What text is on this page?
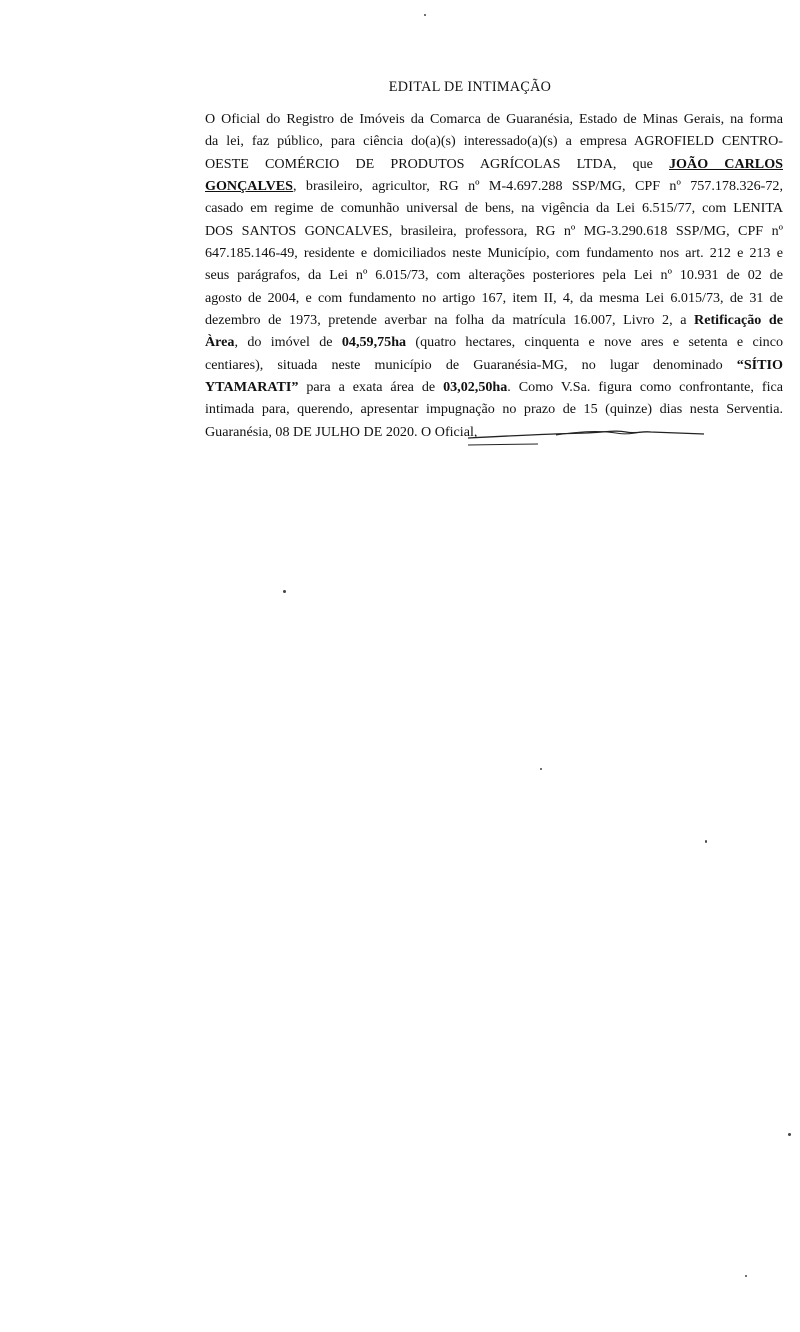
EDITAL DE INTIMAÇÃO
O Oficial do Registro de Imóveis da Comarca de Guaranésia, Estado de Minas Gerais, na forma
da lei, faz público, para ciência do(a)(s) interessado(a)(s) a empresa AGROFIELD CENTRO-
OESTE COMÉRCIO DE PRODUTOS AGRÍCOLAS LTDA, que JOÃO CARLOS
GONÇALVES, brasileiro, agricultor, RG nº M-4.697.288 SSP/MG, CPF nº 757.178.326-72,
casado em regime de comunhão universal de bens, na vigência da Lei 6.515/77, com LENITA
DOS SANTOS GONCALVES, brasileira, professora, RG nº MG-3.290.618 SSP/MG, CPF nº
647.185.146-49, residente e domiciliados neste Município, com fundamento nos art. 212 e 213 e
seus parágrafos, da Lei nº 6.015/73, com alterações posteriores pela Lei nº 10.931 de 02 de
agosto de 2004, e com fundamento no artigo 167, item II, 4, da mesma Lei 6.015/73, de 31 de
dezembro de 1973, pretende averbar na folha da matrícula 16.007, Livro 2, a Retificação de
Àrea, do imóvel de 04,59,75ha (quatro hectares, cinquenta e nove ares e setenta e cinco
centiares), situada neste município de Guaranésia-MG, no lugar denominado “SÍTIO
YTAMARATI” para a exata área de 03,02,50ha. Como V.Sa. figura como confrontante, fica
intimada para, querendo, apresentar impugnação no prazo de 15 (quinze) dias nesta Serventia.
Guaranésia, 08 DE JULHO DE 2020. O Oficial,
